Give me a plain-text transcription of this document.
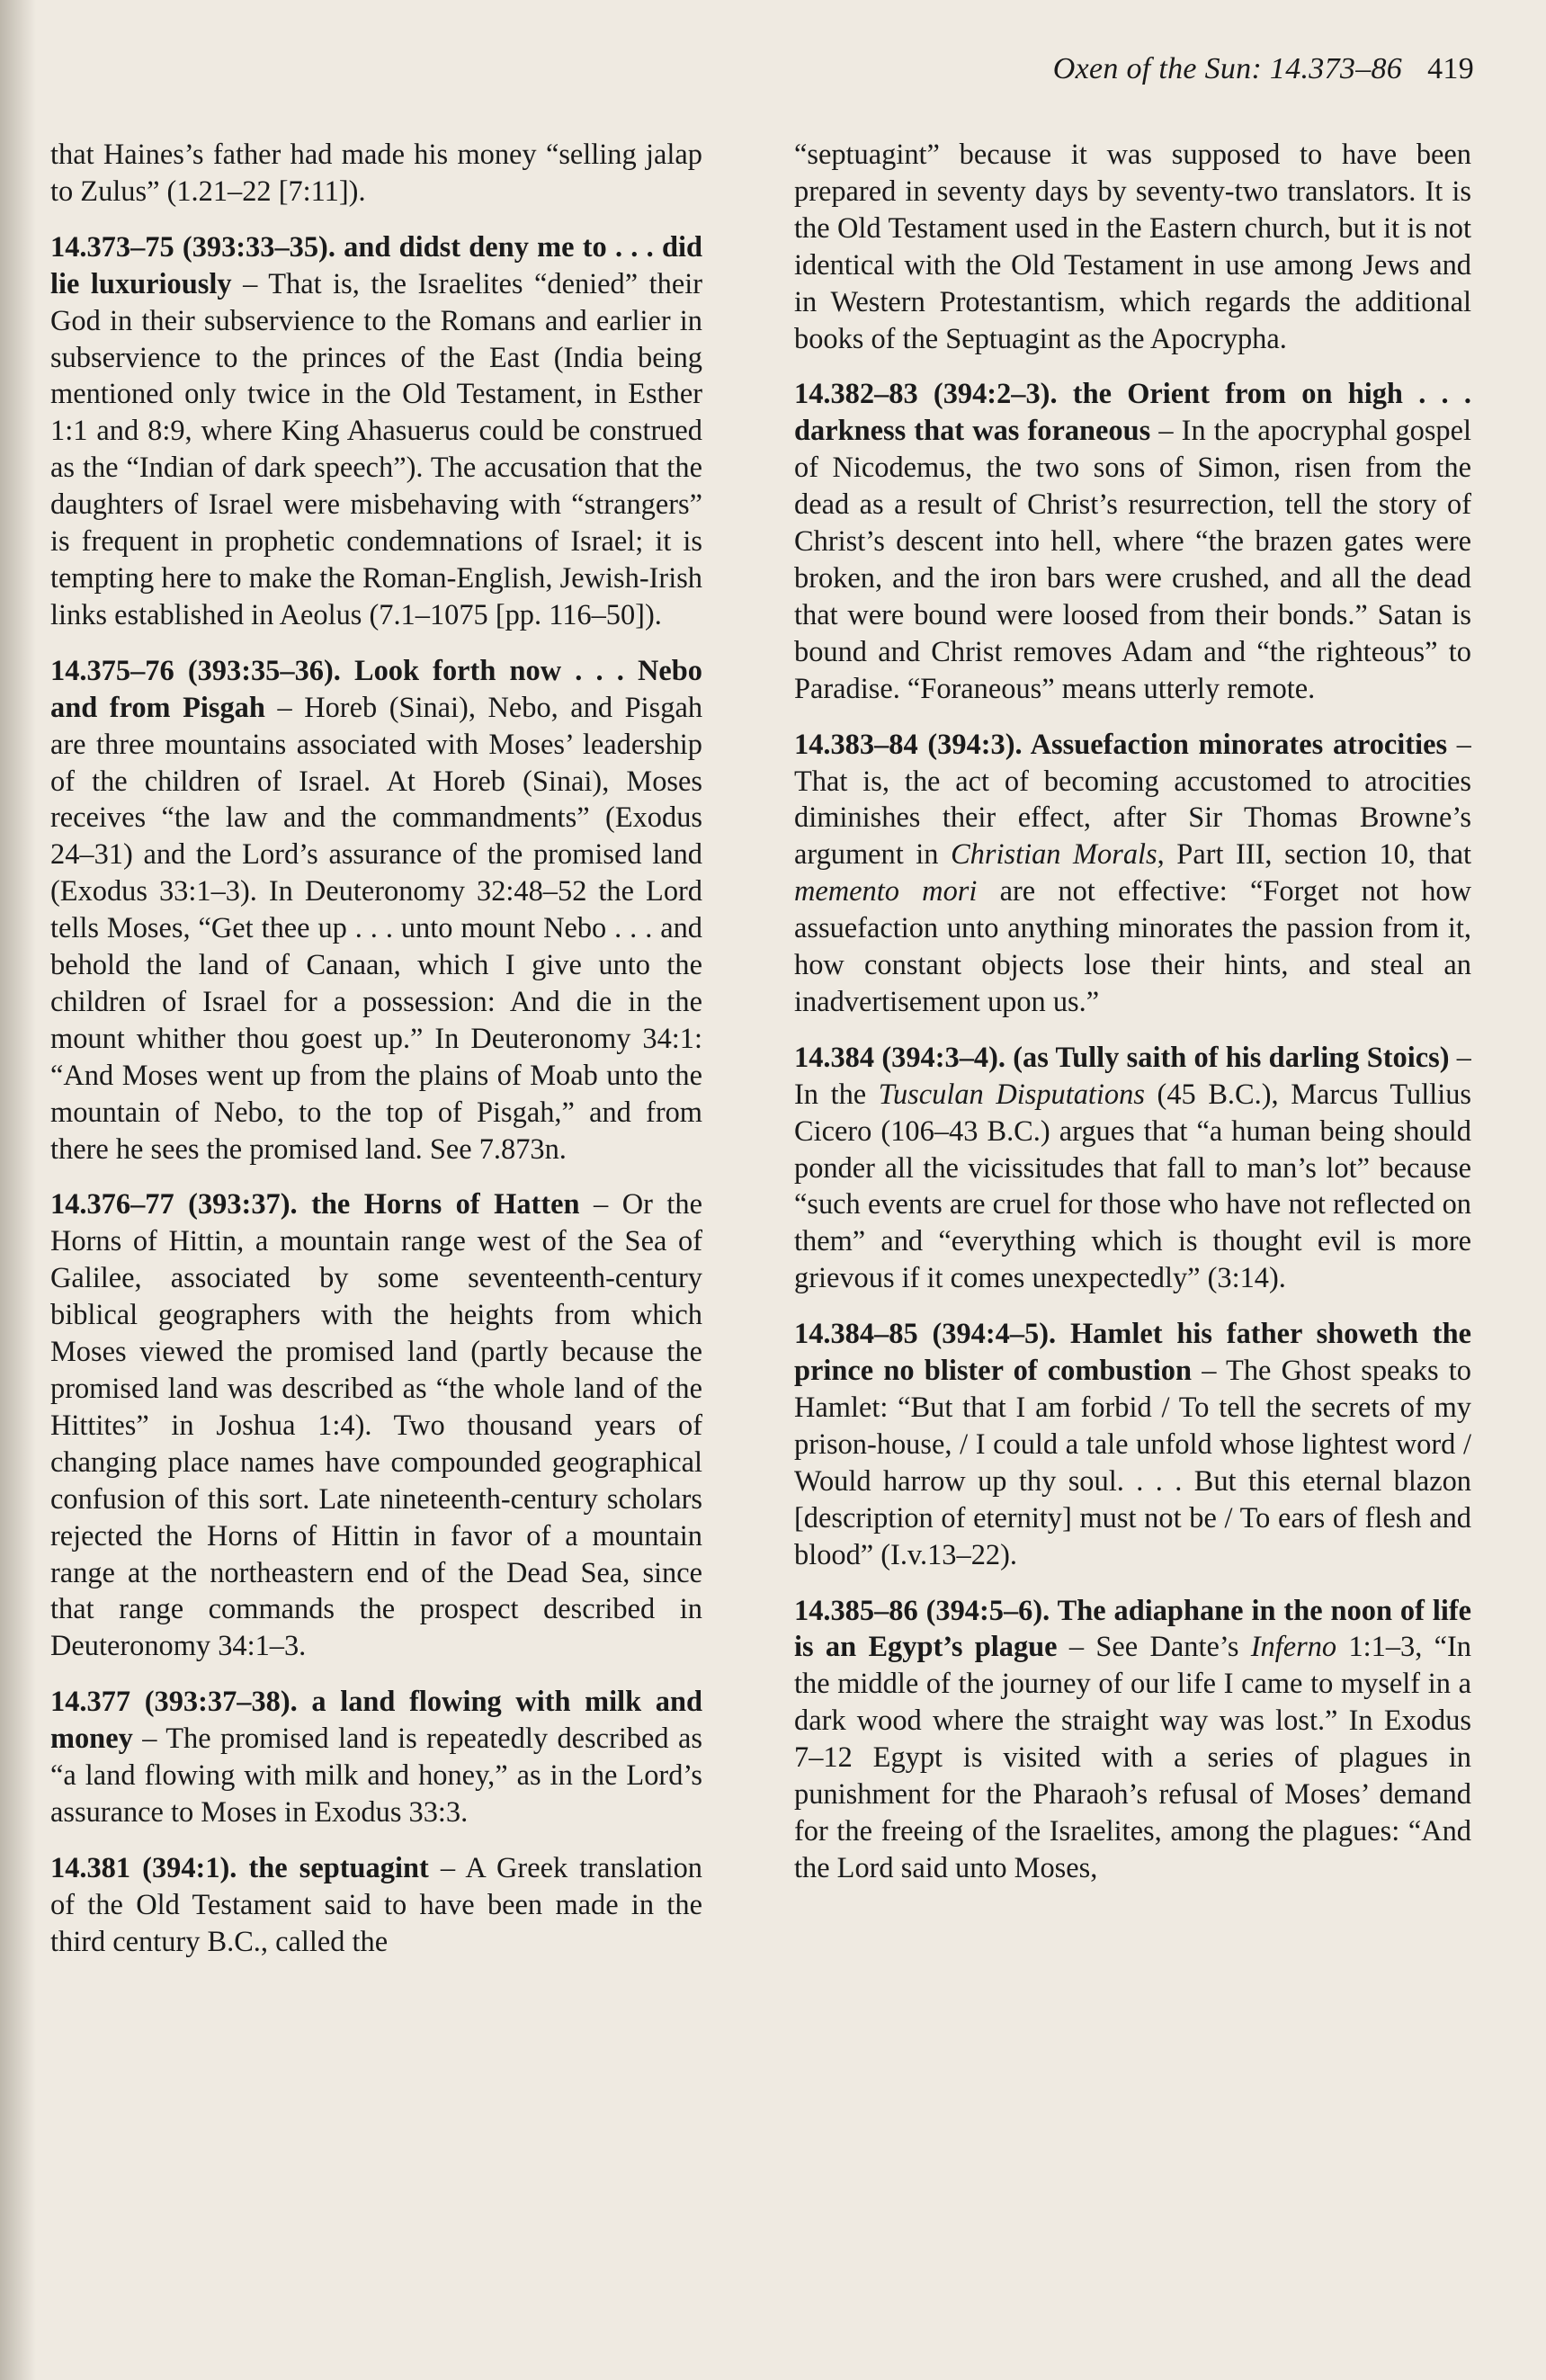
Oxen of the Sun: 14.373–86 419

that Haines’s father had made his money “selling jalap to Zulus” (1.21–22 [7:11]).

14.373–75 (393:33–35). and didst deny me to . . . did lie luxuriously – That is, the Israelites “denied” their God in their subservience to the Romans and earlier in subservience to the princes of the East (India being mentioned only twice in the Old Testament, in Esther 1:1 and 8:9, where King Ahasuerus could be construed as the “Indian of dark speech”). The accusation that the daughters of Israel were misbehaving with “strangers” is frequent in prophetic condemnations of Israel; it is tempting here to make the Roman-English, Jewish-Irish links established in Aeolus (7.1–1075 [pp. 116–50]).

14.375–76 (393:35–36). Look forth now . . . Nebo and from Pisgah – Horeb (Sinai), Nebo, and Pisgah are three mountains associated with Moses’ leadership of the children of Israel. At Horeb (Sinai), Moses receives “the law and the commandments” (Exodus 24–31) and the Lord’s assurance of the promised land (Exodus 33:1–3). In Deuteronomy 32:48–52 the Lord tells Moses, “Get thee up . . . unto mount Nebo . . . and behold the land of Canaan, which I give unto the children of Israel for a possession: And die in the mount whither thou goest up.” In Deuteronomy 34:1: “And Moses went up from the plains of Moab unto the mountain of Nebo, to the top of Pisgah,” and from there he sees the promised land. See 7.873n.

14.376–77 (393:37). the Horns of Hatten – Or the Horns of Hittin, a mountain range west of the Sea of Galilee, associated by some seventeenth-century biblical geographers with the heights from which Moses viewed the promised land (partly because the promised land was described as “the whole land of the Hittites” in Joshua 1:4). Two thousand years of changing place names have compounded geographical confusion of this sort. Late nineteenth-century scholars rejected the Horns of Hittin in favor of a mountain range at the northeastern end of the Dead Sea, since that range commands the prospect described in Deuteronomy 34:1–3.

14.377 (393:37–38). a land flowing with milk and money – The promised land is repeatedly described as “a land flowing with milk and honey,” as in the Lord’s assurance to Moses in Exodus 33:3.

14.381 (394:1). the septuagint – A Greek translation of the Old Testament said to have been made in the third century B.C., called the

“septuagint” because it was supposed to have been prepared in seventy days by seventy-two translators. It is the Old Testament used in the Eastern church, but it is not identical with the Old Testament in use among Jews and in Western Protestantism, which regards the additional books of the Septuagint as the Apocrypha.

14.382–83 (394:2–3). the Orient from on high . . . darkness that was foraneous – In the apocryphal gospel of Nicodemus, the two sons of Simon, risen from the dead as a result of Christ’s resurrection, tell the story of Christ’s descent into hell, where “the brazen gates were broken, and the iron bars were crushed, and all the dead that were bound were loosed from their bonds.” Satan is bound and Christ removes Adam and “the righteous” to Paradise. “Foraneous” means utterly remote.

14.383–84 (394:3). Assuefaction minorates atrocities – That is, the act of becoming accustomed to atrocities diminishes their effect, after Sir Thomas Browne’s argument in Christian Morals, Part III, section 10, that memento mori are not effective: “Forget not how assuefaction unto anything minorates the passion from it, how constant objects lose their hints, and steal an inadvertisement upon us.”

14.384 (394:3–4). (as Tully saith of his darling Stoics) – In the Tusculan Disputations (45 B.C.), Marcus Tullius Cicero (106–43 B.C.) argues that “a human being should ponder all the vicissitudes that fall to man’s lot” because “such events are cruel for those who have not reflected on them” and “everything which is thought evil is more grievous if it comes unexpectedly” (3:14).

14.384–85 (394:4–5). Hamlet his father showeth the prince no blister of combustion – The Ghost speaks to Hamlet: “But that I am forbid / To tell the secrets of my prison-house, / I could a tale unfold whose lightest word / Would harrow up thy soul. . . . But this eternal blazon [description of eternity] must not be / To ears of flesh and blood” (I.v.13–22).

14.385–86 (394:5–6). The adiaphane in the noon of life is an Egypt’s plague – See Dante’s Inferno 1:1–3, “In the middle of the journey of our life I came to myself in a dark wood where the straight way was lost.” In Exodus 7–12 Egypt is visited with a series of plagues in punishment for the Pharaoh’s refusal of Moses’ demand for the freeing of the Israelites, among the plagues: “And the Lord said unto Moses,
